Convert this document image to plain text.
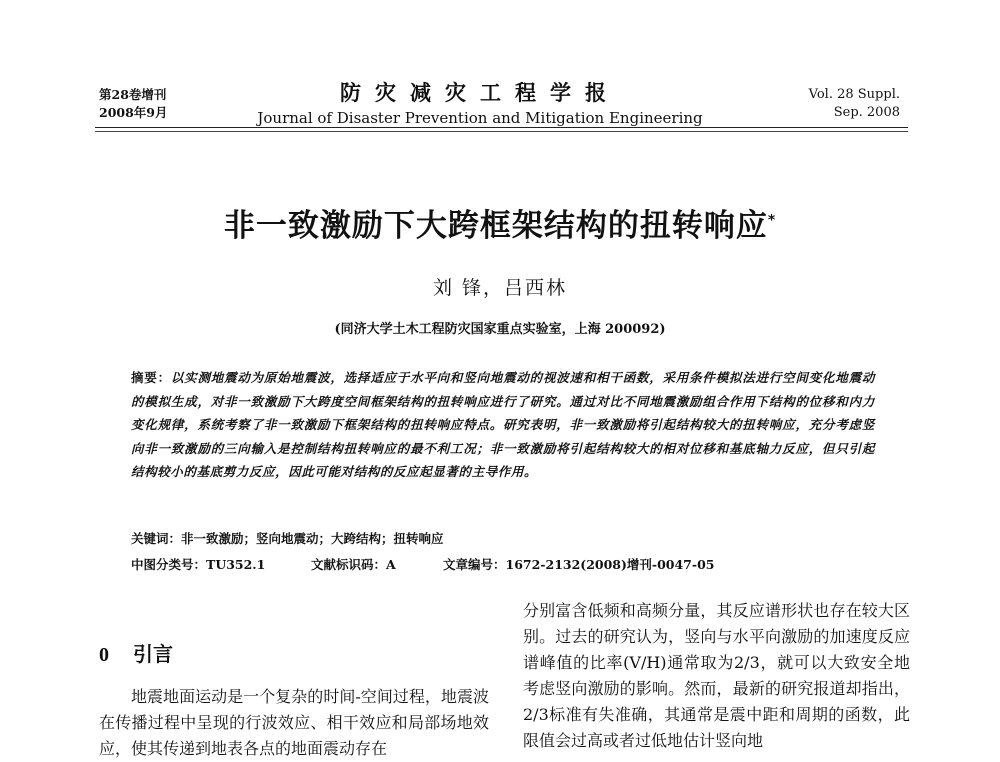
第28卷增刊
2008年9月
防灾减灾工程学报
Journal of Disaster Prevention and Mitigation Engineering
Vol. 28 Suppl.
Sep. 2008
非一致激励下大跨框架结构的扭转响应*
刘 锋，吕西林
(同济大学土木工程防灾国家重点实验室，上海 200092)
摘要：以实测地震动为原始地震波，选择适应于水平向和竖向地震动的视波速和相干函数，采用条件模拟法进行空间变化地震动的模拟生成，对非一致激励下大跨度空间框架结构的扭转响应进行了研究。通过对比不同地震激励组合作用下结构的位移和内力变化规律，系统考察了非一致激励下框架结构的扭转响应特点。研究表明，非一致激励将引起结构较大的扭转响应，充分考虑竖向非一致激励的三向输入是控制结构扭转响应的最不利工况；非一致激励将引起结构较大的相对位移和基底轴力反应，但只引起结构较小的基底剪力反应，因此可能对结构的反应起显著的主导作用。
关键词：非一致激励；竖向地震动；大跨结构；扭转响应
中图分类号：TU352.1	文献标识码：A	文章编号：1672-2132(2008)增刊-0047-05
0 引言
地震地面运动是一个复杂的时间-空间过程，地震波在传播过程中呈现的行波效应、相干效应和局部场地效应，使其传递到地表各点的地面震动存在
分别富含低频和高频分量，其反应谱形状也存在较大区别。过去的研究认为，竖向与水平向激励的加速度反应谱峰值的比率(V/H)通常取为2/3，就可以大致安全地考虑竖向激励的影响。然而，最新的研究报道却指出，2/3标准有失准确，其通常是震中距和周期的函数，此限值会过高或者过低地估计竖向地
